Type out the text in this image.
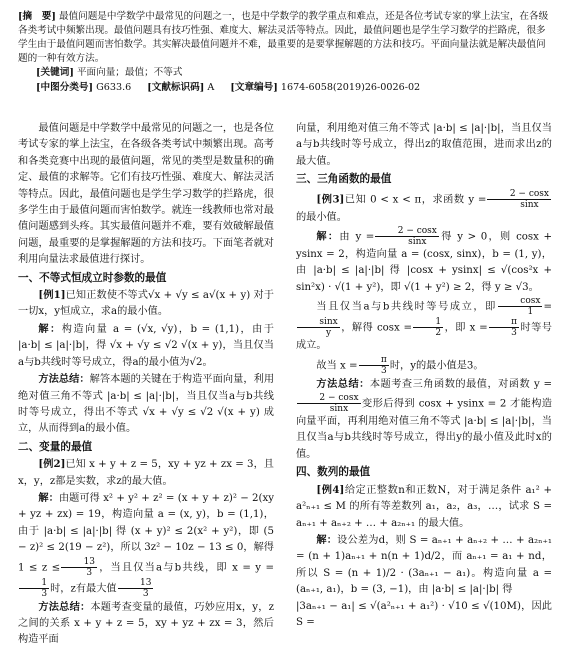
[摘　要] 最值问题是中学数学中最常见的问题之一，也是中学数学的教学重点和难点，还是各位考试专家的掌上法宝，在各级各类考试中频繁出现。最值问题具有技巧性强、难度大、解法灵活等特点。因此，最值问题也是学生学习数学的拦路虎，很多学生由于最值问题而害怕数学。其实解决最值问题并不难，最重要的是要掌握解题的方法和技巧。平面向量法就是解决最值问题的一种有效方法。
[关键词] 平面向量；最值；不等式
[中图分类号] G633.6 [文献标识码] A [文章编号] 1674-6058(2019)26-0026-02

最值问题是中学数学中最常见的问题之一，也是各位考试专家的掌上法宝，在各级各类考试中频繁出现。高考和各类竞赛中出现的最值问题，常见的类型是数量积的确定、最值的求解等。它们有技巧性强、难度大、解法灵活等特点。因此，最值问题也是学生学习数学的拦路虎，很多学生由于最值问题而害怕数学。就连一线教师也常对最值问题感到头疼。其实最值问题并不难，要有效破解最值问题，最重要的是掌握解题的方法和技巧。下面笔者就对利用向量法求最值进行探讨。

一、不等式恒成立时参数的最值

[例1]已知正数使不等式√x + √y ≤ a√(x + y) 对于一切x，y恒成立，求a的最小值。

解：构造向量 a = (√x, √y)，b = (1,1)，由于 |a·b| ≤ |a|·|b|，得 √x + √y ≤ √2 √(x + y)，当且仅当a与b共线时等号成立，得a的最小值为√2。

方法总结：解答本题的关键在于构造平面向量，利用绝对值三角不等式 |a·b| ≤ |a|·|b|，当且仅当a与b共线时等号成立，得出不等式 √x + √y ≤ √2 √(x + y) 成立，从而得到a的最小值。

二、变量的最值

[例2]已知 x + y + z = 5，xy + yz + zx = 3，且x，y，z都是实数，求z的最大值。

解：由题可得 x² + y² + z² = (x + y + z)² − 2(xy + yz + zx) = 19，构造向量 a = (x, y)，b = (1,1)，由于 |a·b| ≤ |a|·|b| 得 (x + y)² ≤ 2(x² + y²)，即 (5 − z)² ≤ 2(19 − z²)，所以 3z² − 10z − 13 ≤ 0，解得 $1 \le z \le \frac{13}{3}$ ，当且仅当a与b共线，即 x = y =
$\frac{1}{3}$ 时，z有最大值 $\frac{13}{3}$

方法总结：本题考查变量的最值，巧妙应用x，y，z之间的关系 x + y + z = 5，xy + yz + zx = 3，然后构造平面

向量，利用绝对值三角不等式 |a·b| ≤ |a|·|b|，当且仅当a与b共线时等号成立，得出z的取值范围，进而求出z的最大值。

三、三角函数的最值

[例3]已知 0 < x < π，求函数 $y = \frac{2 - \cos x}{\sin x}$
的最小值。

解：由 $y = \frac{2 - \cos x}{\sin x}$ 得 y > 0，则 cosx + ysinx = 2，构造向量 a = (cosx, sinx)，b = (1, y)，由 |a·b| ≤ |a|·|b| 得 |cosx + ysinx| ≤ √(cos²x + sin²x) · √(1 + y²)，即 √(1 + y²) ≥ 2，得 y ≥ √3。

当且仅当a与b共线时等号成立，即 $\frac{\cos x}{1}$ =
$\frac{\sin x}{y}$ ，解得 $\cos x = \frac{1}{2}$ ，即 $x = \frac{\pi}{3}$ 时等号成立。

故当 $x = \frac{\pi}{3}$ 时，y的最小值是3。

方法总结：本题考查三角函数的最值，对函数 y =
$\frac{2 - \cos x}{\sin x}$ 变形后得到 cosx + ysinx = 2 才能构造向量平面，再利用绝对值三角不等式 |a·b| ≤ |a|·|b|，当且仅当a与b共线时等号成立，得出y的最小值及此时x的值。

四、数列的最值

[例4]给定正整数n和正数N，对于满足条件 a₁² + a²ₙ₊₁ ≤ M 的所有等差数列 a₁，a₂，a₃，…，试求 S = aₙ₊₁ + aₙ₊₂ + … + a₂ₙ₊₁ 的最大值。

解：设公差为d，则 S = aₙ₊₁ + aₙ₊₂ + … + a₂ₙ₊₁ = (n + 1)aₙ₊₁ + n(n + 1)d/2，而 aₙ₊₁ = a₁ + nd，所以 S = (n + 1)/2 · (3aₙ₊₁ − a₁)。构造向量 a = (aₙ₊₁, a₁)，b = (3, −1)，由 |a·b| ≤ |a|·|b| 得

|3aₙ₊₁ − a₁| ≤ √(a²ₙ₊₁ + a₁²) · √10 ≤ √(10M)，因此 S =
